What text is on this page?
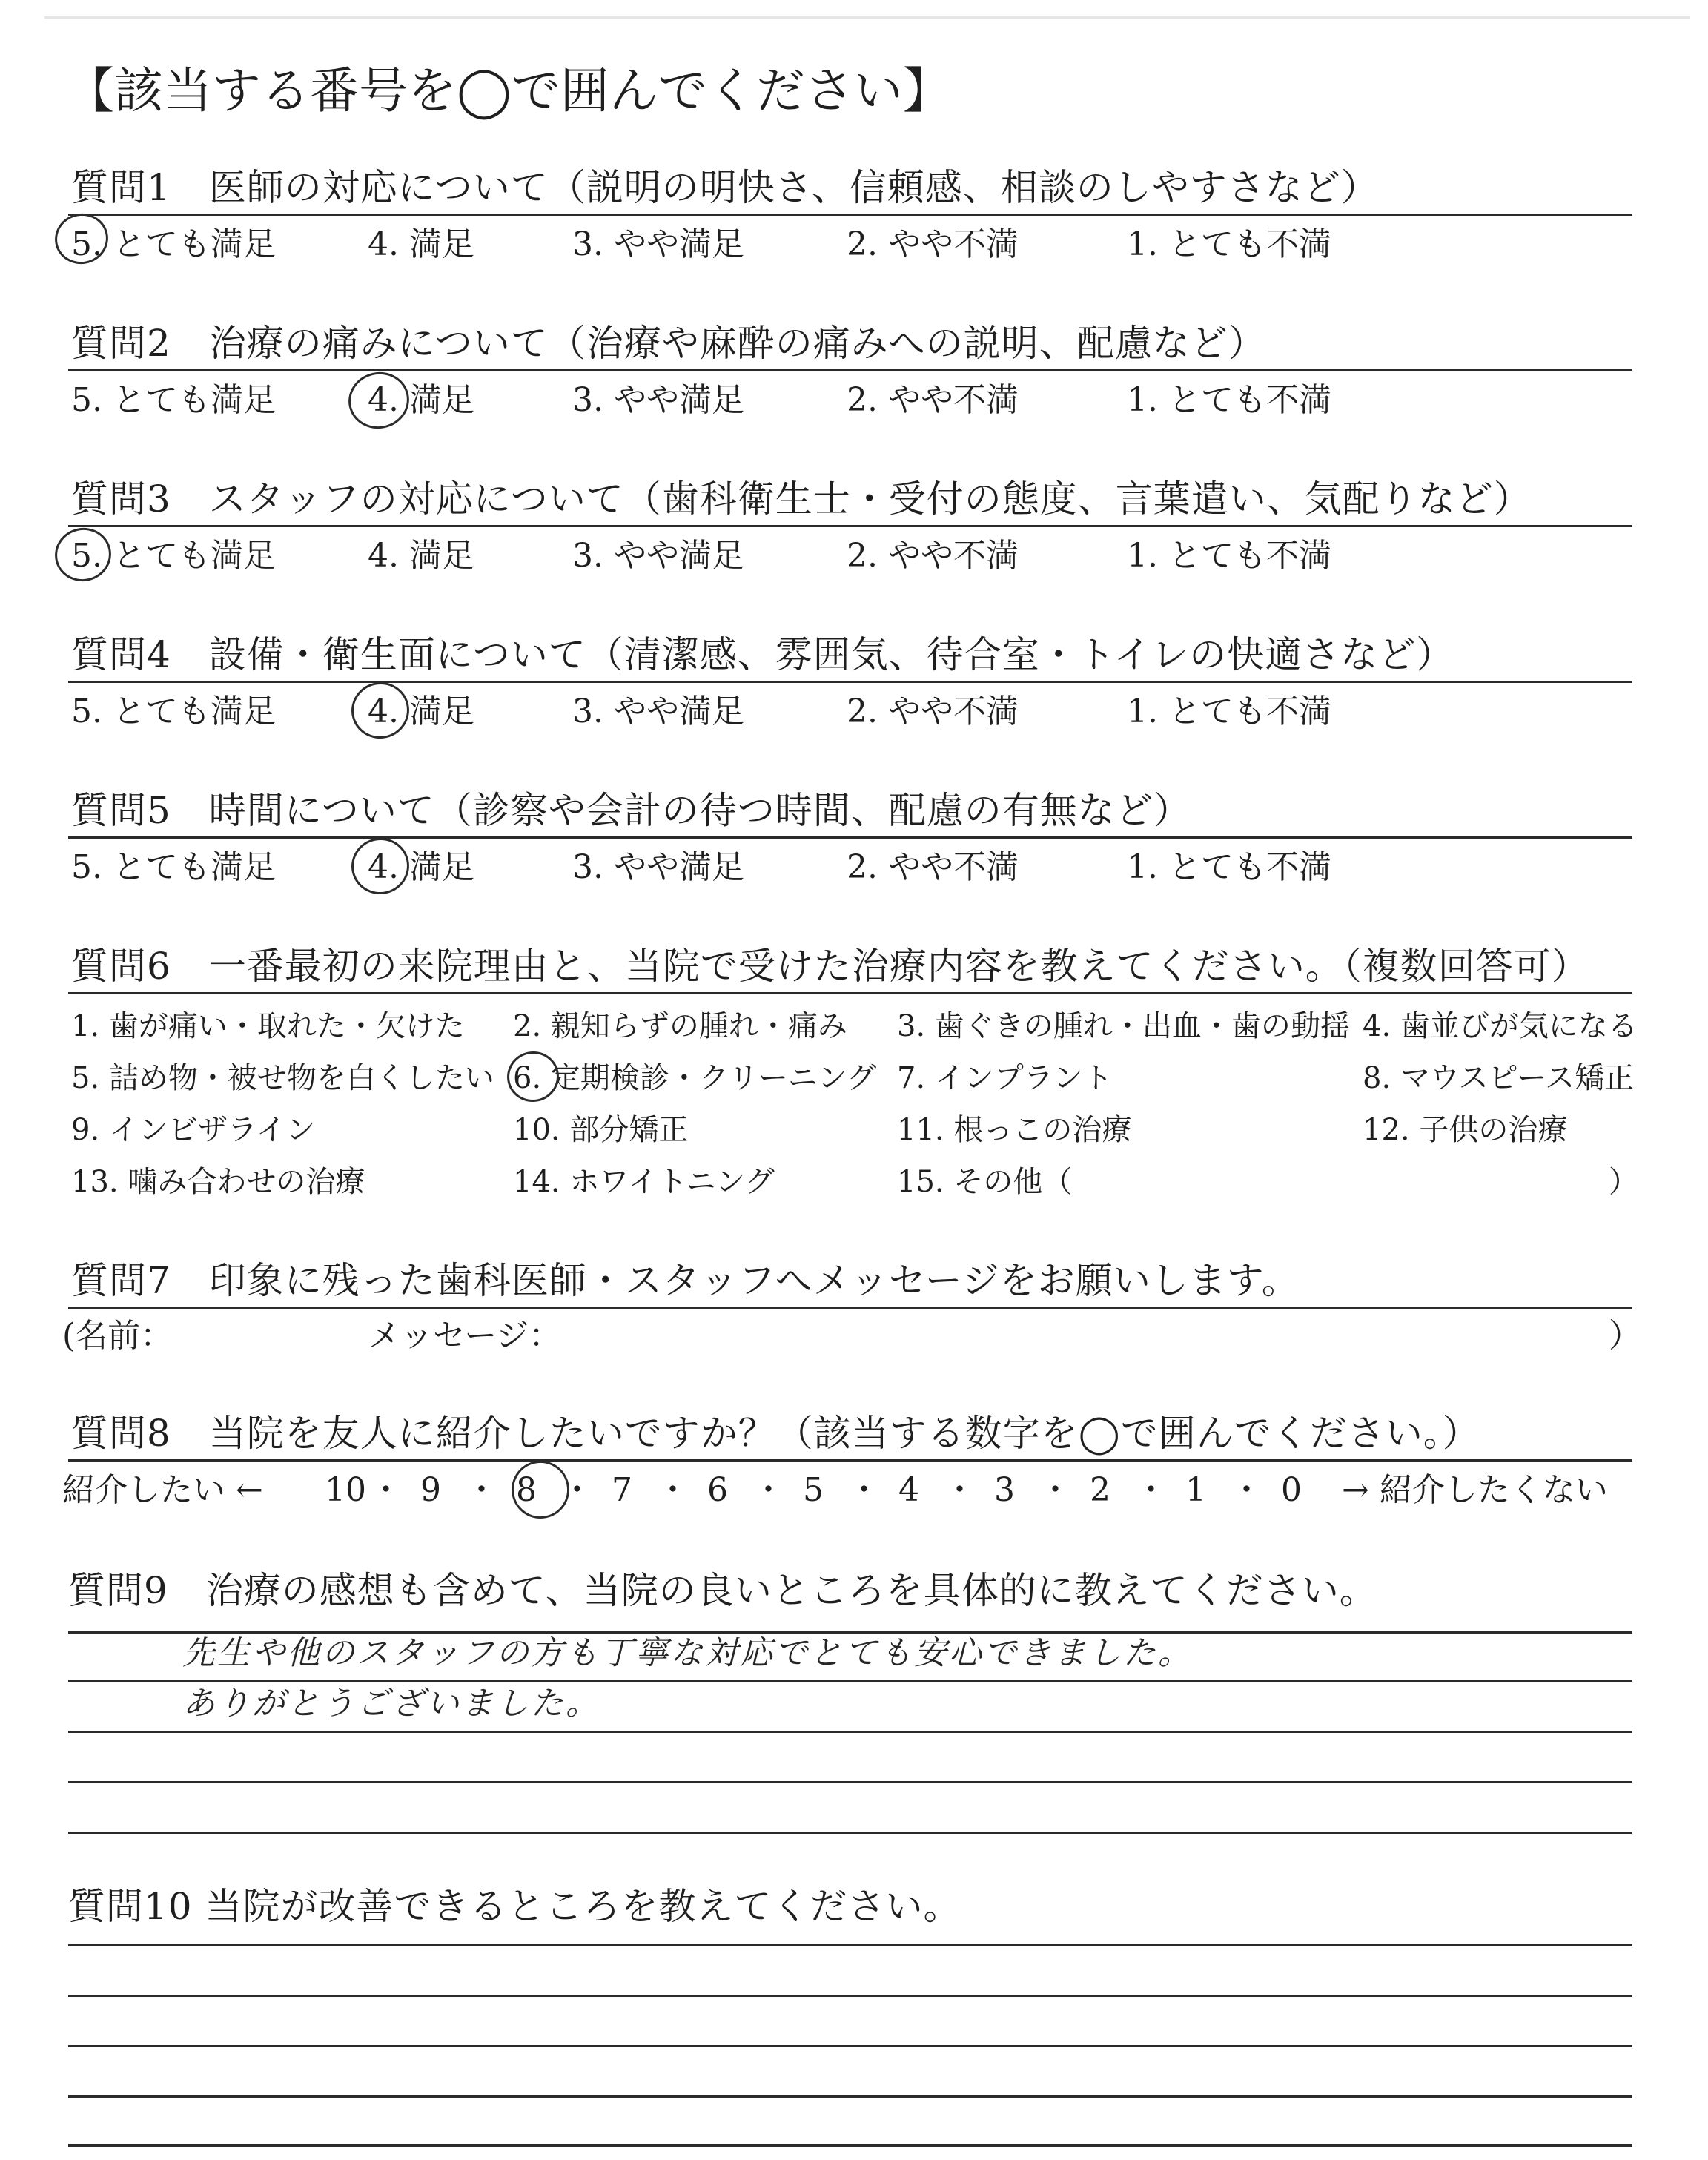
【該当する番号を◯で囲んでください】
質問1　医師の対応について（説明の明快さ、信頼感、相談のしやすさなど）
5. とても満足	4. 満足	3. やや満足	2. やや不満	1. とても不満
質問2　治療の痛みについて（治療や麻酔の痛みへの説明、配慮など）
5. とても満足	4. 満足	3. やや満足	2. やや不満	1. とても不満
質問3　スタッフの対応について（歯科衛生士・受付の態度、言葉遣い、気配りなど）
5. とても満足	4. 満足	3. やや満足	2. やや不満	1. とても不満
質問4　設備・衛生面について（清潔感、雰囲気、待合室・トイレの快適さなど）
5. とても満足	4. 満足	3. やや満足	2. やや不満	1. とても不満
質問5　時間について（診察や会計の待つ時間、配慮の有無など）
5. とても満足	4. 満足	3. やや満足	2. やや不満	1. とても不満
質問6　一番最初の来院理由と、当院で受けた治療内容を教えてください。（複数回答可）
1. 歯が痛い・取れた・欠けた 2. 親知らずの腫れ・痛み 3. 歯ぐきの腫れ・出血・歯の動揺 4. 歯並びが気になる
5. 詰め物・被せ物を白くしたい 6. 定期検診・クリーニング 7. インプラント	8. マウスピース矯正
9. インビザライン	10. 部分矯正	11. 根っこの治療	12. 子供の治療
13. 噛み合わせの治療	14. ホワイトニング	15. その他（	）
質問7　印象に残った歯科医師・スタッフへメッセージをお願いします。
(名前：	メッセージ：	）
質問8　当院を友人に紹介したいですか？（該当する数字を◯で囲んでください。）
紹介したい ← 10 ・ 9 ・ 8 ・ 7 ・ 6 ・ 5 ・ 4 ・ 3 ・ 2 ・ 1 ・ 0 → 紹介したくない
質問9　治療の感想も含めて、当院の良いところを具体的に教えてください。
先生や他のスタッフの方も丁寧な対応でとても安心できました。
ありがとうございました。
質問10 当院が改善できるところを教えてください。
